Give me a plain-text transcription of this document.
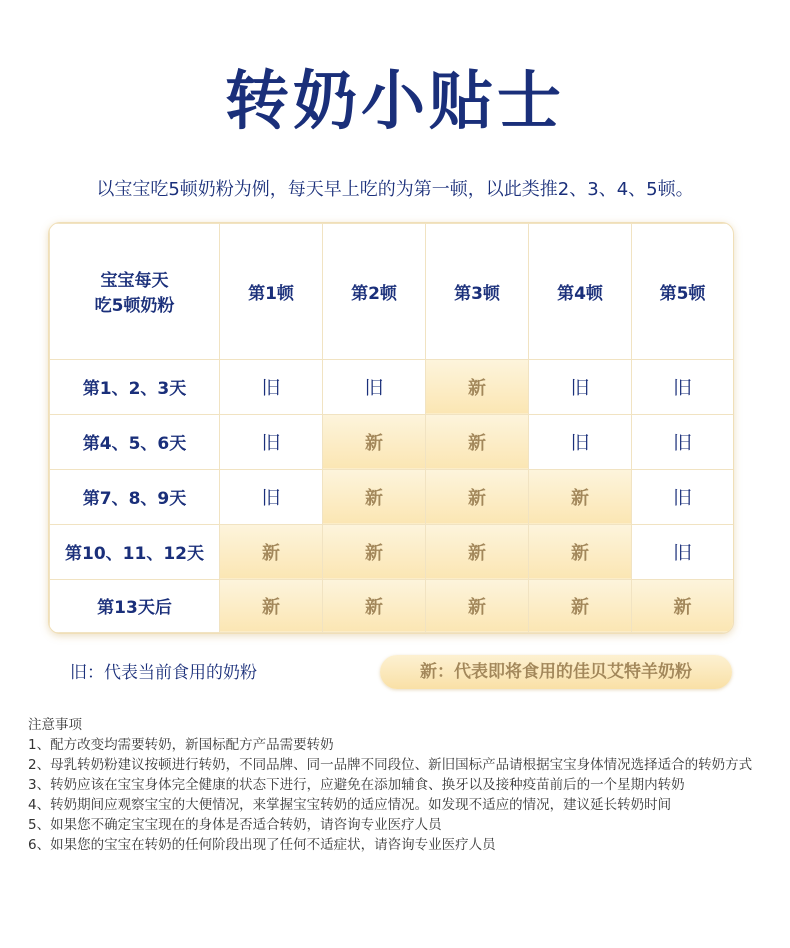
转奶小贴士
以宝宝吃5顿奶粉为例，每天早上吃的为第一顿，以此类推2、3、4、5顿。
宝宝每天
吃5顿奶粉	第1顿	第2顿	第3顿	第4顿	第5顿
第1、2、3天	旧	旧	新	旧	旧
第4、5、6天	旧	新	新	旧	旧
第7、8、9天	旧	新	新	新	旧
第10、11、12天	新	新	新	新	旧
第13天后	新	新	新	新	新
旧：代表当前食用的奶粉	新：代表即将食用的佳贝艾特羊奶粉
注意事项
1、配方改变均需要转奶，新国标配方产品需要转奶
2、母乳转奶粉建议按顿进行转奶，不同品牌、同一品牌不同段位、新旧国标产品请根据宝宝身体情况选择适合的转奶方式
3、转奶应该在宝宝身体完全健康的状态下进行，应避免在添加辅食、换牙以及接种疫苗前后的一个星期内转奶
4、转奶期间应观察宝宝的大便情况，来掌握宝宝转奶的适应情况。如发现不适应的情况，建议延长转奶时间
5、如果您不确定宝宝现在的身体是否适合转奶，请咨询专业医疗人员
6、如果您的宝宝在转奶的任何阶段出现了任何不适症状，请咨询专业医疗人员
